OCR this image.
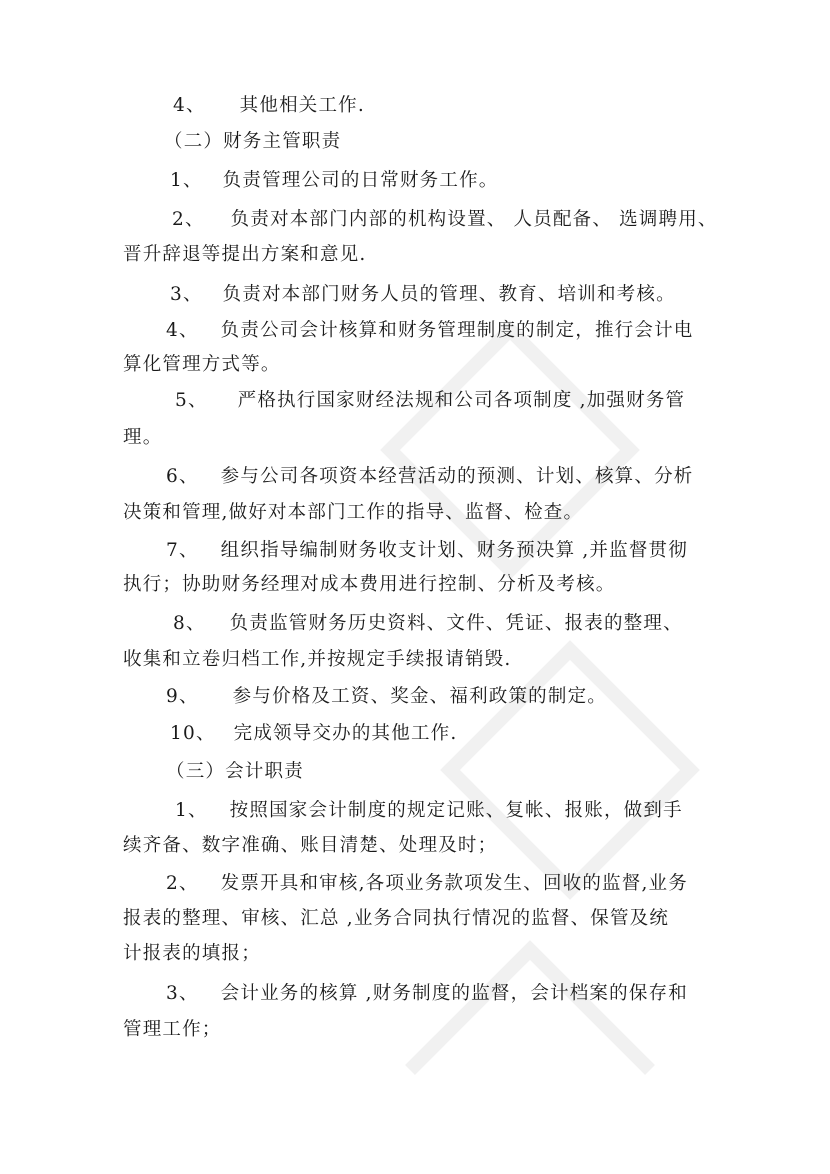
4、 其他相关工作.
（二）财务主管职责
1、 负责管理公司的日常财务工作。
2、 负责对本部门内部的机构设置、 人员配备、 选调聘用、
晋升辞退等提出方案和意见.
3、 负责对本部门财务人员的管理、教育、培训和考核。
4、 负责公司会计核算和财务管理制度的制定，推行会计电
算化管理方式等。
5、 严格执行国家财经法规和公司各项制度 ,加强财务管
理。
6、 参与公司各项资本经营活动的预测、计划、核算、分析
决策和管理,做好对本部门工作的指导、监督、检查。
7、 组织指导编制财务收支计划、财务预决算 ,并监督贯彻
执行；协助财务经理对成本费用进行控制、分析及考核。
8、 负责监管财务历史资料、文件、凭证、报表的整理、
收集和立卷归档工作,并按规定手续报请销毁.
9、 参与价格及工资、奖金、福利政策的制定。
10、 完成领导交办的其他工作.
（三）会计职责
1、 按照国家会计制度的规定记账、复帐、报账，做到手
续齐备、数字准确、账目清楚、处理及时；
2、 发票开具和审核,各项业务款项发生、回收的监督,业务
报表的整理、审核、汇总 ,业务合同执行情况的监督、保管及统
计报表的填报；
3、 会计业务的核算 ,财务制度的监督，会计档案的保存和
管理工作；
